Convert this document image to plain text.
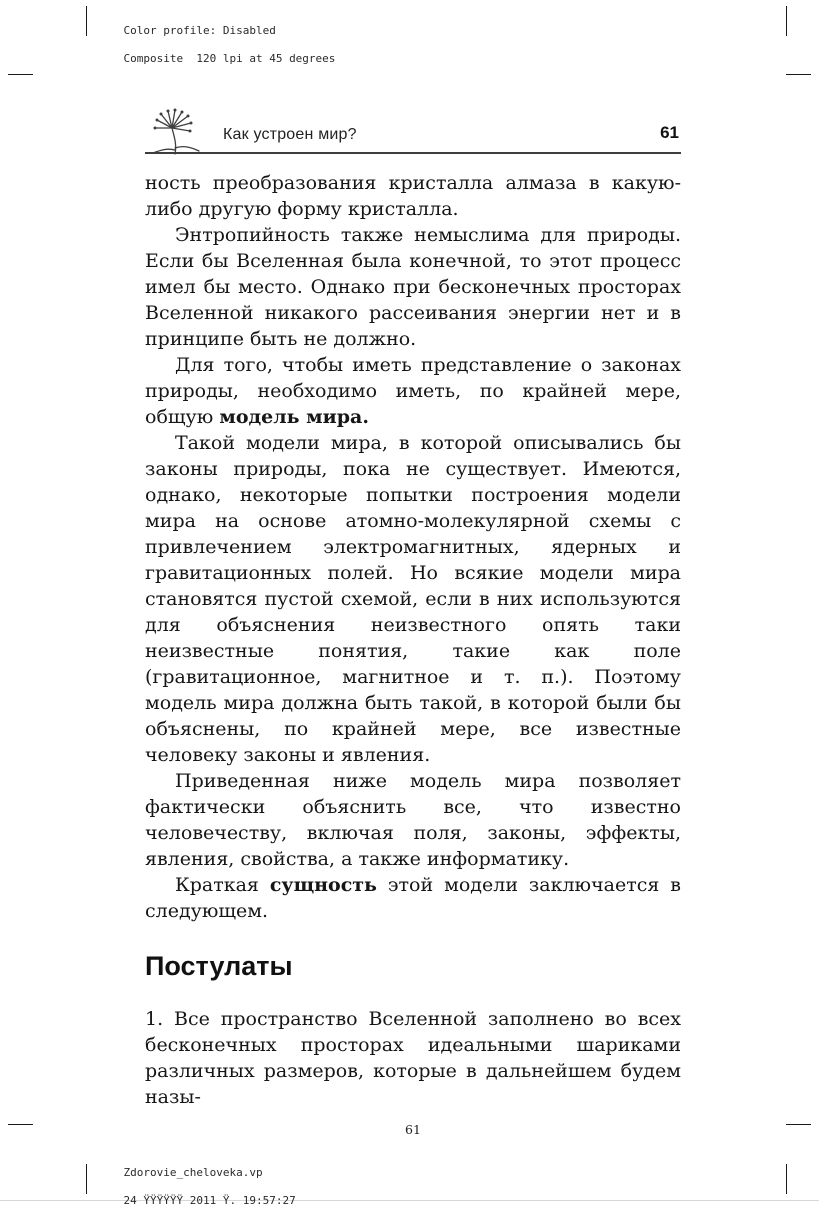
Color profile: Disabled

Composite  120 lpi at 45 degrees

Как устроен мир?	61

ность преобразования кристалла алмаза в какую-либо другую форму кристалла.

Энтропийность также немыслима для природы. Если бы Вселенная была конечной, то этот процесс имел бы место. Однако при бесконечных просторах Вселенной никакого рассеивания энергии нет и в принципе быть не должно.

Для того, чтобы иметь представление о законах природы, необходимо иметь, по крайней мере, общую модель мира.

Такой модели мира, в которой описывались бы законы природы, пока не существует. Имеются, однако, некоторые попытки построения модели мира на основе атомно-молекулярной схемы с привлечением электромагнитных, ядерных и гравитационных полей. Но всякие модели мира становятся пустой схемой, если в них используются для объяснения неизвестного опять таки неизвестные понятия, такие как поле (гравитационное, магнитное и т. п.). Поэтому модель мира должна быть такой, в которой были бы объяснены, по крайней мере, все известные человеку законы и явления.

Приведенная ниже модель мира позволяет фактически объяснить все, что известно человечеству, включая поля, законы, эффекты, явления, свойства, а также информатику.

Краткая сущность этой модели заключается в следующем.

Постулаты

1. Все пространство Вселенной заполнено во всех бесконечных просторах идеальными шариками различных размеров, которые в дальнейшем будем назы-

61

Zdorovie_cheloveka.vp

24 ŸŸŸŸŸŸ 2011 Ÿ. 19:57:27
